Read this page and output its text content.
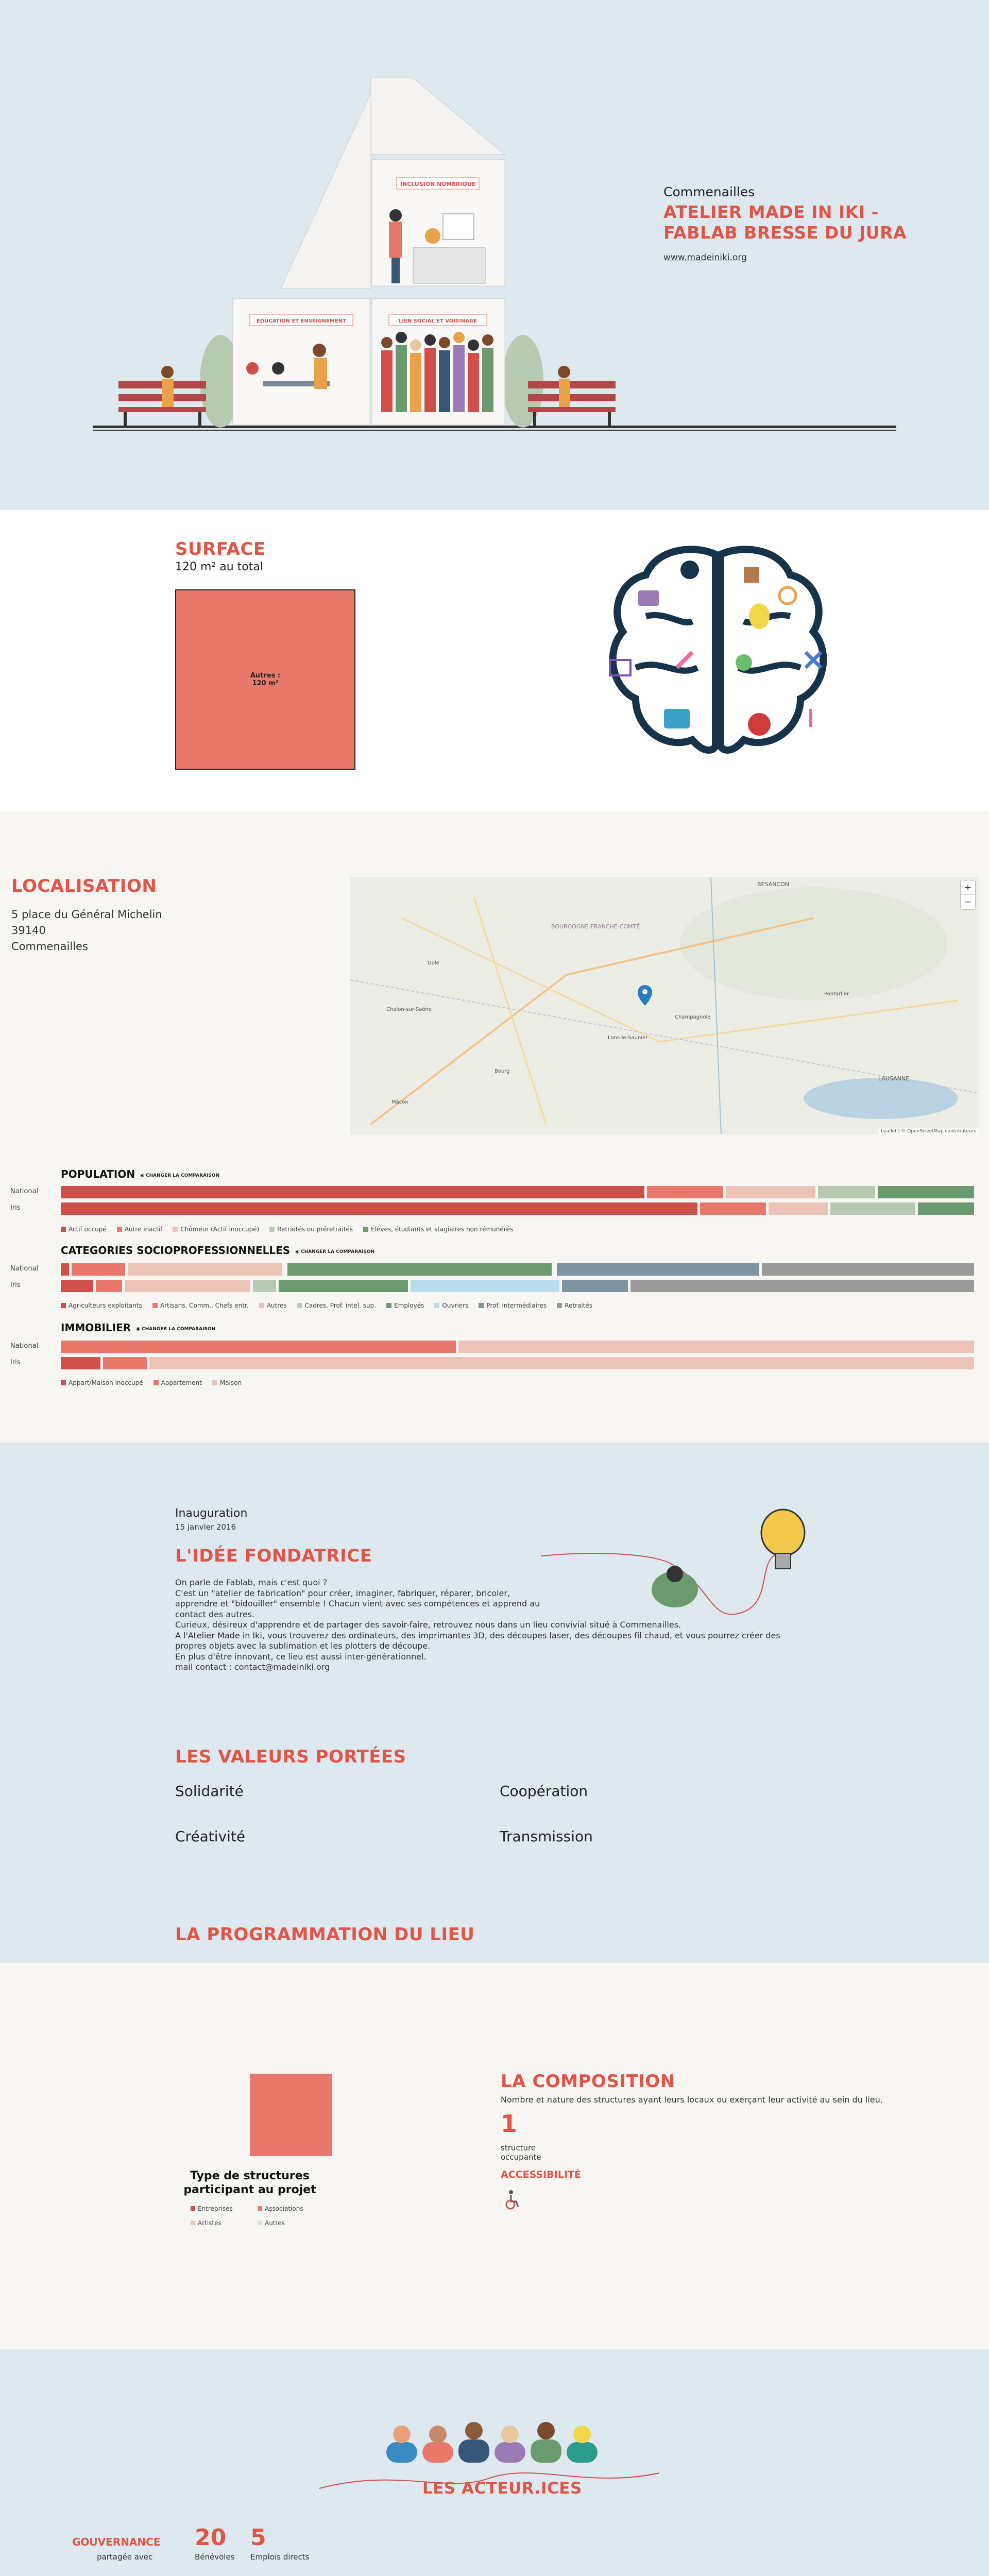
INCLUSION NUMÉRIQUE
ÉDUCATION ET ENSEIGNEMENT	LIEN SOCIAL ET VOISINAGE
Commenailles
ATELIER MADE IN IKI -
FABLAB BRESSE DU JURA
www.madeiniki.org
SURFACE
120 m² au total
Autres :
120 m²
LOCALISATION
5 place du Général Michelin
39140
Commenailles
BESANÇON
BOURGOGNE-FRANCHE-COMTÉ
LAUSANNE
Dole
Chalon-sur-Saône
Lons-le-Saunier
Pontarlier
Champagnole
Bourg
Mâcon
+
−
Leaflet | © OpenStreetMap contributeurs
POPULATION ◉ CHANGER LA COMPARAISON
National
Iris
Actif occupé	Autre inactif	Chômeur (Actif inoccupé)	Retraités ou préretraités	Élèves, étudiants et stagiaires non rémunérés
CATEGORIES SOCIOPROFESSIONNELLES ◉ CHANGER LA COMPARAISON
National
Iris
Agriculteurs exploitants	Artisans, Comm., Chefs entr.	Autres	Cadres, Prof. intel. sup.	Employés	Ouvriers	Prof. intermédiaires	Retraités
IMMOBILIER ◉ CHANGER LA COMPARAISON
National
Iris
Appart/Maison inoccupé	Appartement	Maison
Inauguration
15 janvier 2016
L'IDÉE FONDATRICE
On parle de Fablab, mais c'est quoi ?
C'est un "atelier de fabrication" pour créer, imaginer, fabriquer, réparer, bricoler,
apprendre et "bidouiller" ensemble ! Chacun vient avec ses compétences et apprend au
contact des autres.
Curieux, désireux d'apprendre et de partager des savoir-faire, retrouvez nous dans un lieu convivial situé à Commenailles.
A l'Atelier Made in Iki, vous trouverez des ordinateurs, des imprimantes 3D, des découpes laser, des découpes fil chaud, et vous pourrez créer des
propres objets avec la sublimation et les plotters de découpe.
En plus d'être innovant, ce lieu est aussi inter-générationnel.
mail contact : contact@madeiniki.org
LES VALEURS PORTÉES
Solidarité	Coopération
Créativité	Transmission
LA PROGRAMMATION DU LIEU
Type de structures
participant au projet
Entreprises	Associations
Artistes	Autres
LA COMPOSITION
Nombre et nature des structures ayant leurs locaux ou exerçant leur activité au sein du lieu.
1
structure
occupante
ACCESSIBILITÉ
LES ACTEUR.ICES
GOUVERNANCE
partagée avec
20
Bénévoles
5
Emplois directs
